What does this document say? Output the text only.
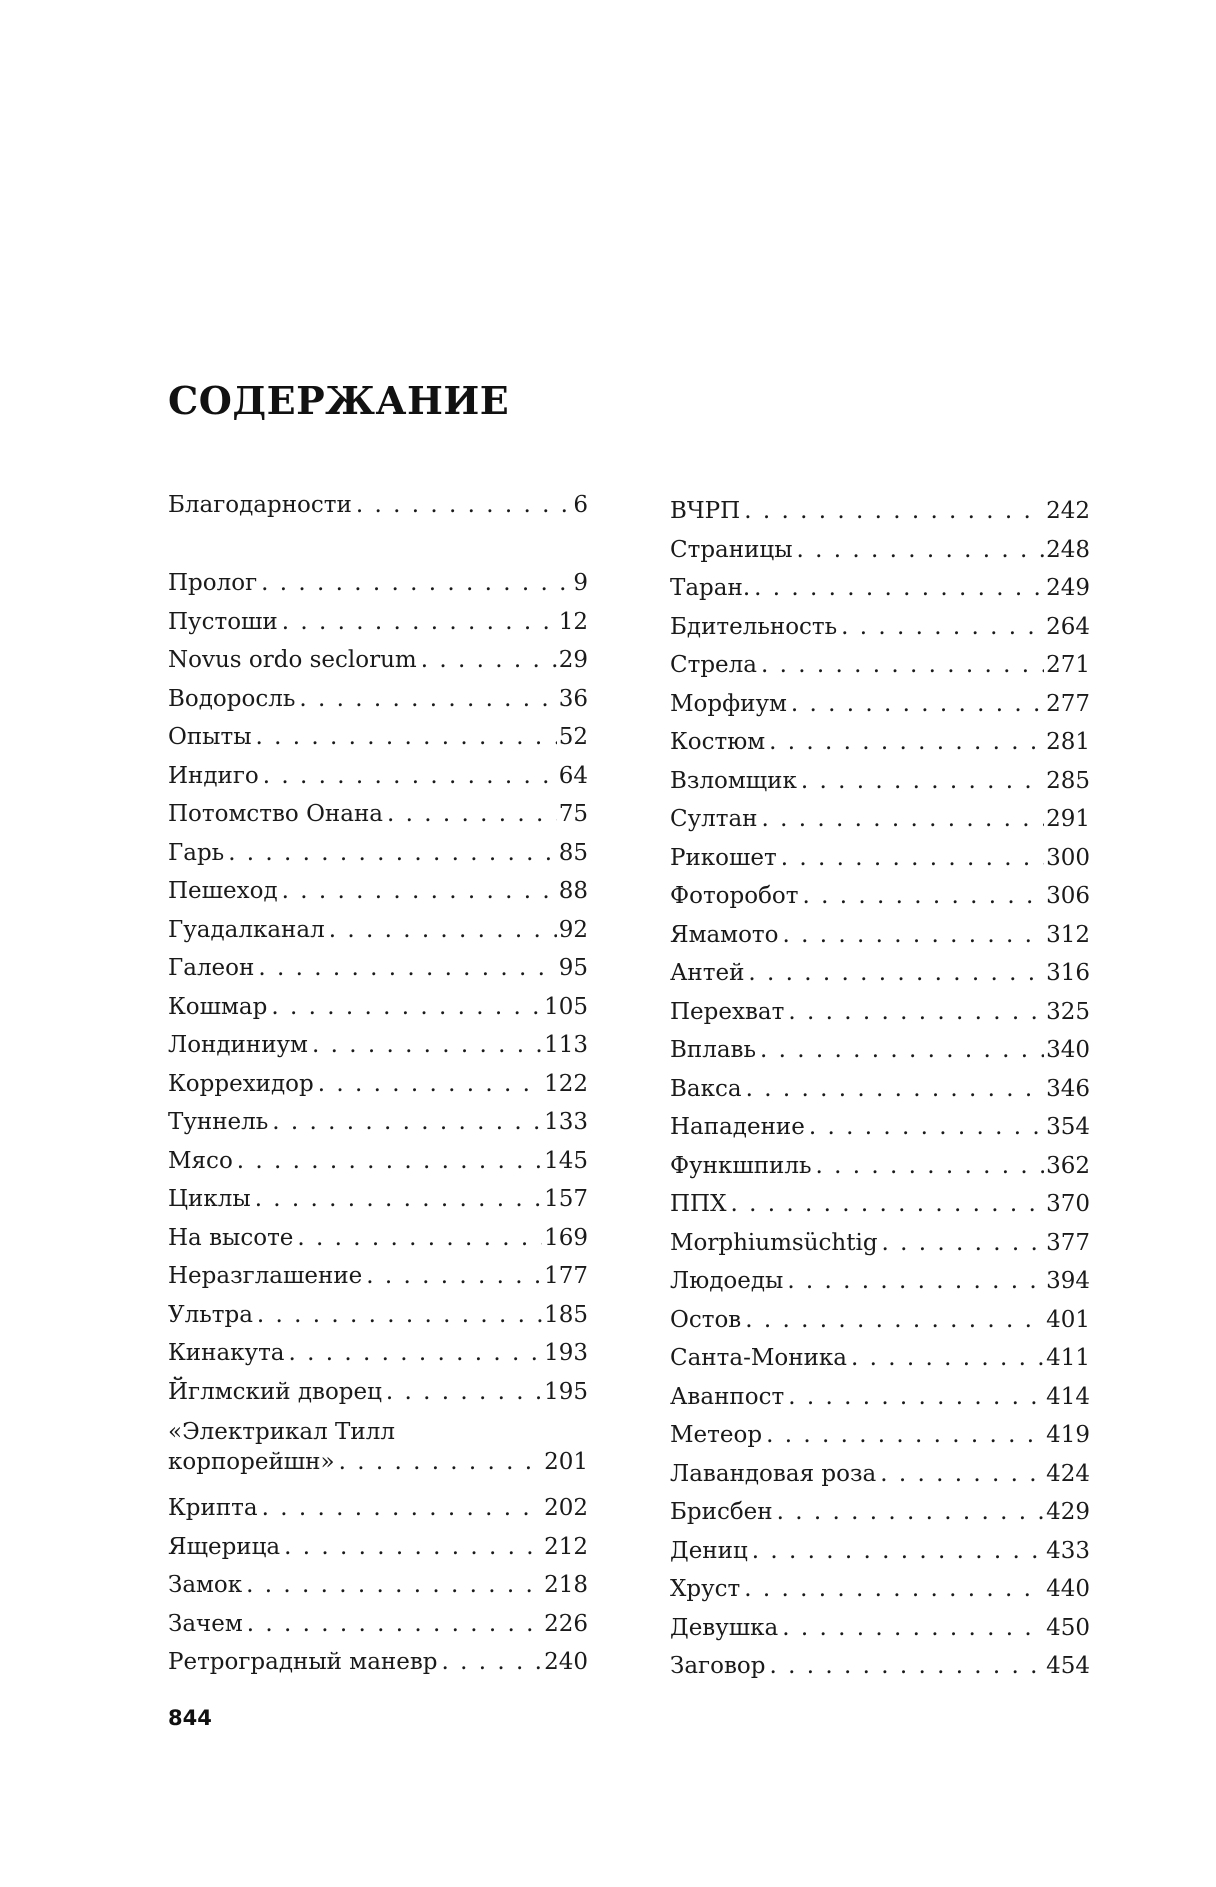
СОДЕРЖАНИЕ
Благодарности . . .	6
Пролог . . .	9
Пустоши . . .	12
Novus ordo seclorum . . .	29
Водоросль . . .	36
Опыты . . .	52
Индиго . . .	64
Потомство Онана . . .	75
Гарь . . .	85
Пешеход . . .	88
Гуадалканал . . .	92
Галеон . . .	95
Кошмар . . .	105
Лондиниум . . .	113
Коррехидор . . .	122
Туннель . . .	133
Мясо . . .	145
Циклы . . .	157
На высоте . . .	169
Неразглашение . . .	177
Ультра . . .	185
Кинакута . . .	193
Йглмский дворец . . .	195
«Электрикал Тилл
корпорейшн» . . .	201
Крипта . . .	202
Ящерица . . .	212
Замок . . .	218
Зачем . . .	226
Ретроградный маневр . . .	240
ВЧРП . . .	242
Страницы . . .	248
Таран. . . .	249
Бдительность . . .	264
Стрела . . .	271
Морфиум . . .	277
Костюм . . .	281
Взломщик . . .	285
Султан . . .	291
Рикошет . . .	300
Фоторобот . . .	306
Ямамото . . .	312
Антей . . .	316
Перехват . . .	325
Вплавь . . .	340
Вакса . . .	346
Нападение . . .	354
Функшпиль . . .	362
ППХ . . .	370
Morphiumsüchtig . . .	377
Людоеды . . .	394
Остов . . .	401
Санта-Моника . . .	411
Аванпост . . .	414
Метеор . . .	419
Лавандовая роза . . .	424
Брисбен . . .	429
Дениц . . .	433
Хруст . . .	440
Девушка . . .	450
Заговор . . .	454
844
